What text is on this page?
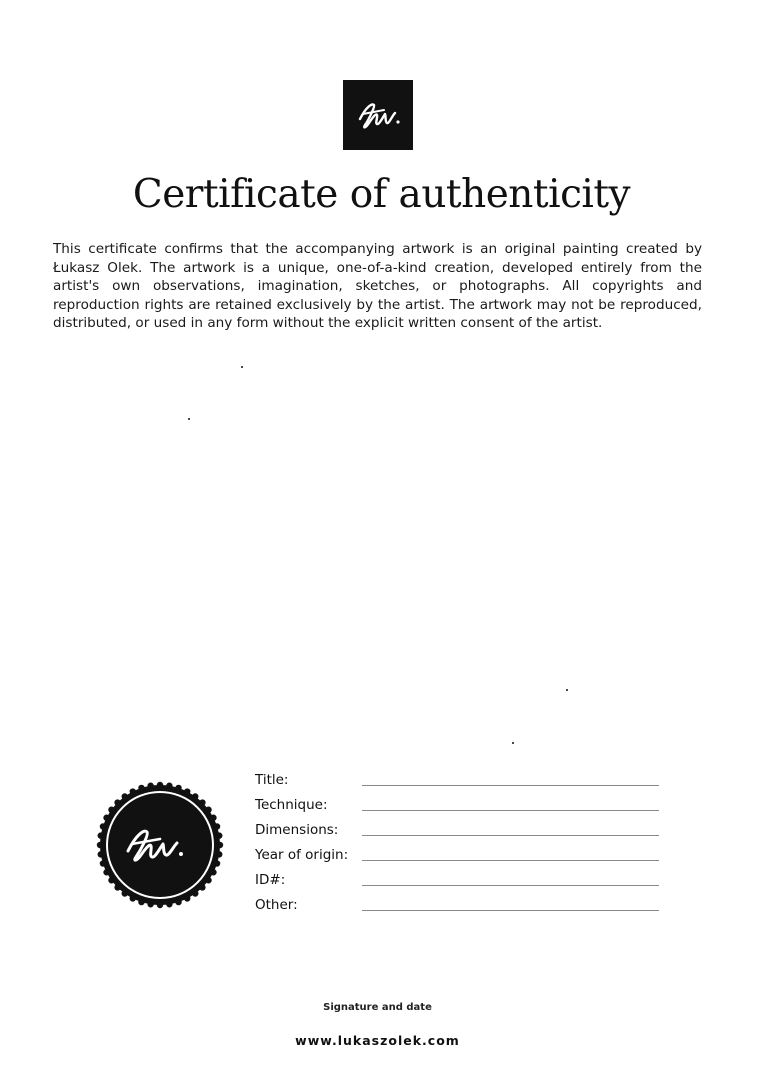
Certificate of authenticity

This certificate confirms that the accompanying artwork is an original painting created by Łukasz Olek. The artwork is a unique, one-of-a-kind creation, developed entirely from the artist's own observations, imagination, sketches, or photographs. All copyrights and reproduction rights are retained exclusively by the artist. The artwork may not be reproduced, distributed, or used in any form without the explicit written consent of the artist.

Title:
Technique:
Dimensions:
Year of origin:
ID#:
Other:
Signature and date
www.lukaszolek.com
